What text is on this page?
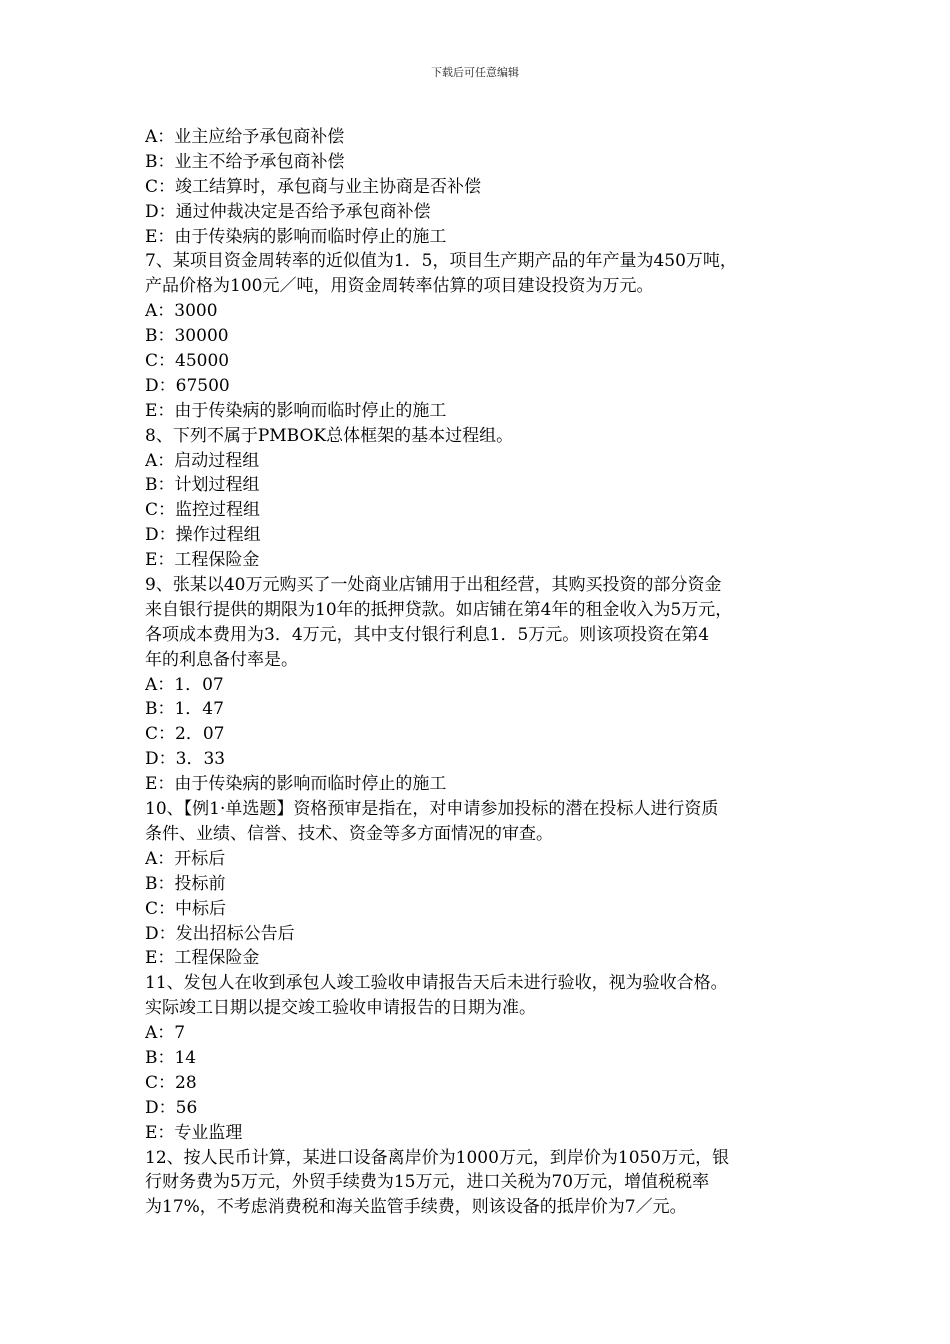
下载后可任意编辑
A：业主应给予承包商补偿
B：业主不给予承包商补偿
C：竣工结算时，承包商与业主协商是否补偿
D：通过仲裁决定是否给予承包商补偿
E：由于传染病的影响而临时停止的施工
7、某项目资金周转率的近似值为1．5，项目生产期产品的年产量为450万吨，
产品价格为100元／吨，用资金周转率估算的项目建设投资为万元。
A：3000
B：30000
C：45000
D：67500
E：由于传染病的影响而临时停止的施工
8、下列不属于PMBOK总体框架的基本过程组。
A：启动过程组
B：计划过程组
C：监控过程组
D：操作过程组
E：工程保险金
9、张某以40万元购买了一处商业店铺用于出租经营，其购买投资的部分资金
来自银行提供的期限为10年的抵押贷款。如店铺在第4年的租金收入为5万元，
各项成本费用为3．4万元，其中支付银行利息1．5万元。则该项投资在第4
年的利息备付率是。
A：1．07
B：1．47
C：2．07
D：3．33
E：由于传染病的影响而临时停止的施工
10、【例1·单选题】资格预审是指在，对申请参加投标的潜在投标人进行资质
条件、业绩、信誉、技术、资金等多方面情况的审查。
A：开标后
B：投标前
C：中标后
D：发出招标公告后
E：工程保险金
11、发包人在收到承包人竣工验收申请报告天后未进行验收，视为验收合格。
实际竣工日期以提交竣工验收申请报告的日期为准。
A：7
B：14
C：28
D：56
E：专业监理
12、按人民币计算，某进口设备离岸价为1000万元，到岸价为1050万元，银
行财务费为5万元，外贸手续费为15万元，进口关税为70万元，增值税税率
为17%，不考虑消费税和海关监管手续费，则该设备的抵岸价为7／元。
